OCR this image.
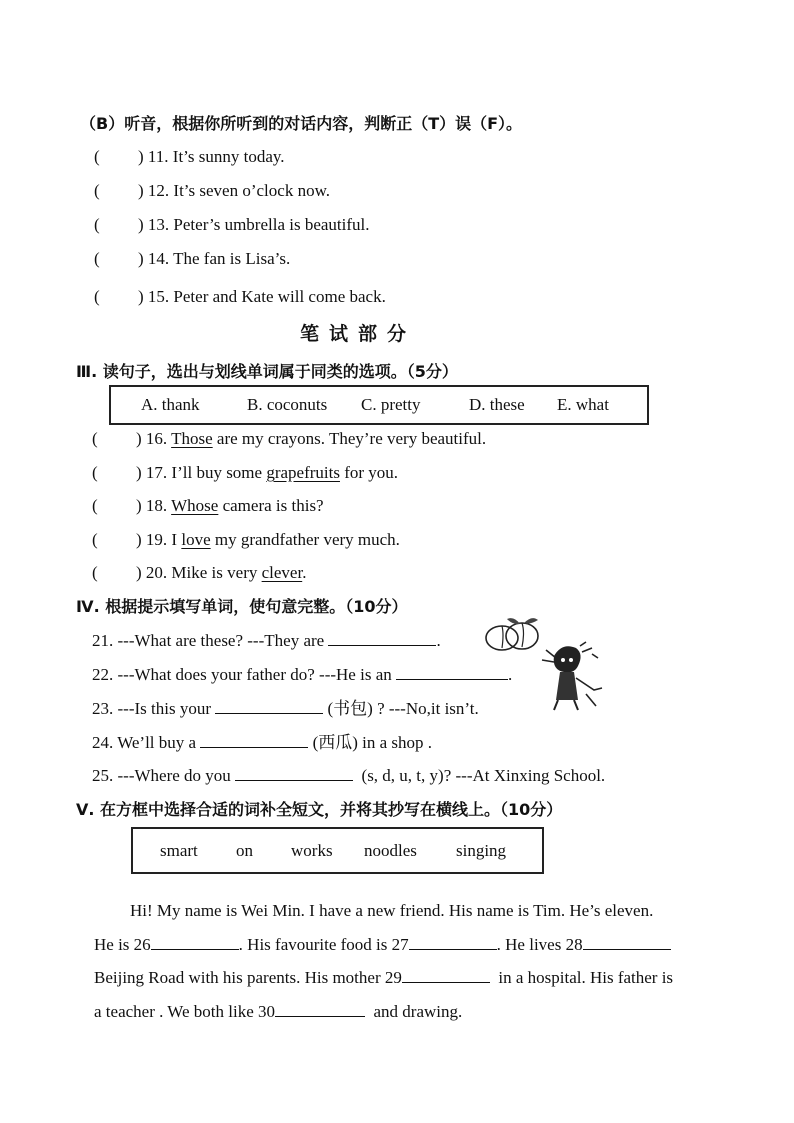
（B）听音，根据你所听到的对话内容，判断正（T）误（F）。
( ) 11. It’s sunny today.
( ) 12. It’s seven o’clock now.
( ) 13. Peter’s umbrella is beautiful.
( ) 14. The fan is Lisa’s.
( ) 15. Peter and Kate will come back.
笔试部分
Ⅲ. 读句子，选出与划线单词属于同类的选项。（5分）
A. thank	B. coconuts C. pretty	D. these E. what
( ) 16. Those are my crayons. They’re very beautiful.
( ) 17. I’ll buy some grapefruits for you.
( ) 18. Whose camera is this?
( ) 19. I love my grandfather very much.
( ) 20. Mike is very clever.
Ⅳ. 根据提示填写单词，使句意完整。（10分）
21. ---What are these? ---They are	.
22. ---What does your father do? ---He is an	.
23. ---Is this your	(书包) ? ---No,it isn’t.
24. We’ll buy a	(西瓜) in a shop .
25. ---Where do you	(s, d, u, t, y)? ---At Xinxing School.
Ⅴ. 在方框中选择合适的词补全短文，并将其抄写在横线上。（10分）
smart on works noodles singing
Hi! My name is Wei Min. I have a new friend. His name is Tim. He’s eleven.
He is 26	. His favourite food is 27	. He lives 28
Beijing Road with his parents. His mother 29	in a hospital. His father is
a teacher . We both like 30	and drawing.
